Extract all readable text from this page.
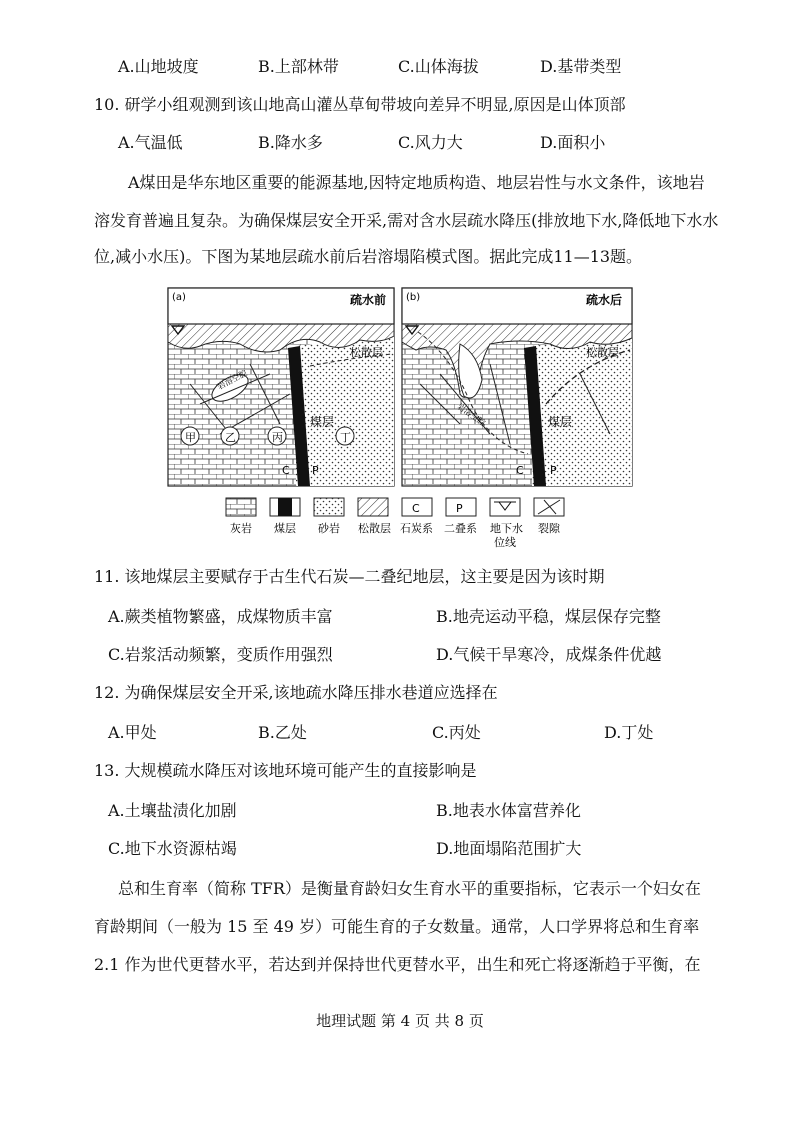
A.山地坡度	B.上部林带	C.山体海拔	D.基带类型
10. 研学小组观测到该山地高山灌丛草甸带坡向差异不明显,原因是山体顶部
A.气温低	B.降水多	C.风力大	D.面积小
A煤田是华东地区重要的能源基地,因特定地质构造、地层岩性与水文条件，该地岩
溶发育普遍且复杂。为确保煤层安全开采,需对含水层疏水降压(排放地下水,降低地下水水
位,减小水压)。下图为某地层疏水前后岩溶塌陷模式图。据此完成11—13题。
(a)	疏水前
松散层
岩溶空腔
煤层
甲	乙	丙	丁
C P
(b)	疏水后
松散层
岩溶空腔	煤层
C P
C	P
灰岩 煤层 砂岩 松散层 石炭系 二叠系 地下水
位线
裂隙
11. 该地煤层主要赋存于古生代石炭—二叠纪地层，这主要是因为该时期
A.蕨类植物繁盛，成煤物质丰富	B.地壳运动平稳，煤层保存完整
C.岩浆活动频繁，变质作用强烈	D.气候干旱寒冷，成煤条件优越
12. 为确保煤层安全开采,该地疏水降压排水巷道应选择在
A.甲处	B.乙处	C.丙处	D.丁处
13. 大规模疏水降压对该地环境可能产生的直接影响是
A.土壤盐渍化加剧	B.地表水体富营养化
C.地下水资源枯竭	D.地面塌陷范围扩大
总和生育率（简称 TFR）是衡量育龄妇女生育水平的重要指标，它表示一个妇女在
育龄期间（一般为 15 至 49 岁）可能生育的子女数量。通常，人口学界将总和生育率
2.1 作为世代更替水平，若达到并保持世代更替水平，出生和死亡将逐渐趋于平衡，在
地理试题 第 4 页 共 8 页
